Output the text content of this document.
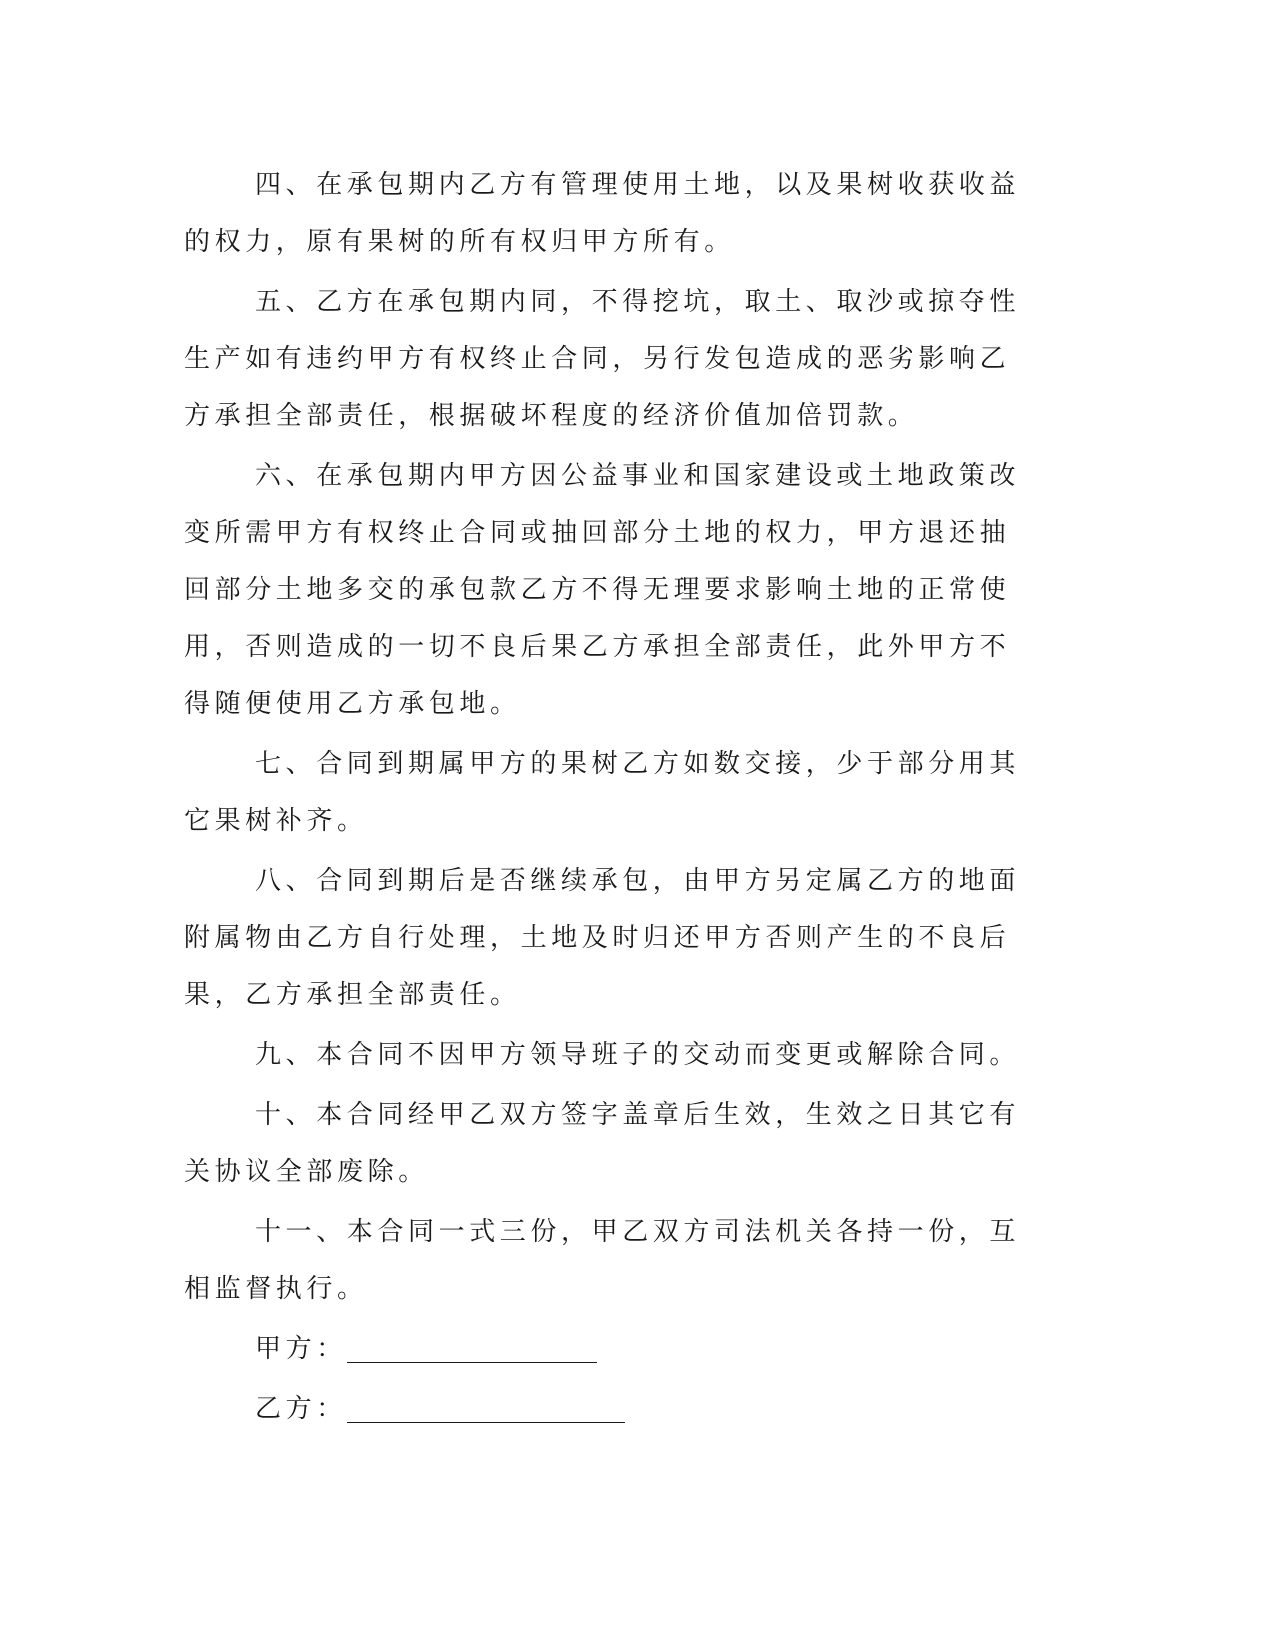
四、在承包期内乙方有管理使用土地，以及果树收获收益的权力，原有果树的所有权归甲方所有。

五、乙方在承包期内同，不得挖坑，取土、取沙或掠夺性生产如有违约甲方有权终止合同，另行发包造成的恶劣影响乙方承担全部责任，根据破坏程度的经济价值加倍罚款。

六、在承包期内甲方因公益事业和国家建设或土地政策改变所需甲方有权终止合同或抽回部分土地的权力，甲方退还抽回部分土地多交的承包款乙方不得无理要求影响土地的正常使用，否则造成的一切不良后果乙方承担全部责任，此外甲方不得随便使用乙方承包地。

七、合同到期属甲方的果树乙方如数交接，少于部分用其它果树补齐。

八、合同到期后是否继续承包，由甲方另定属乙方的地面附属物由乙方自行处理，土地及时归还甲方否则产生的不良后果，乙方承担全部责任。

九、本合同不因甲方领导班子的交动而变更或解除合同。

十、本合同经甲乙双方签字盖章后生效，生效之日其它有关协议全部废除。

十一、本合同一式三份，甲乙双方司法机关各持一份，互相监督执行。

甲方：
乙方：
